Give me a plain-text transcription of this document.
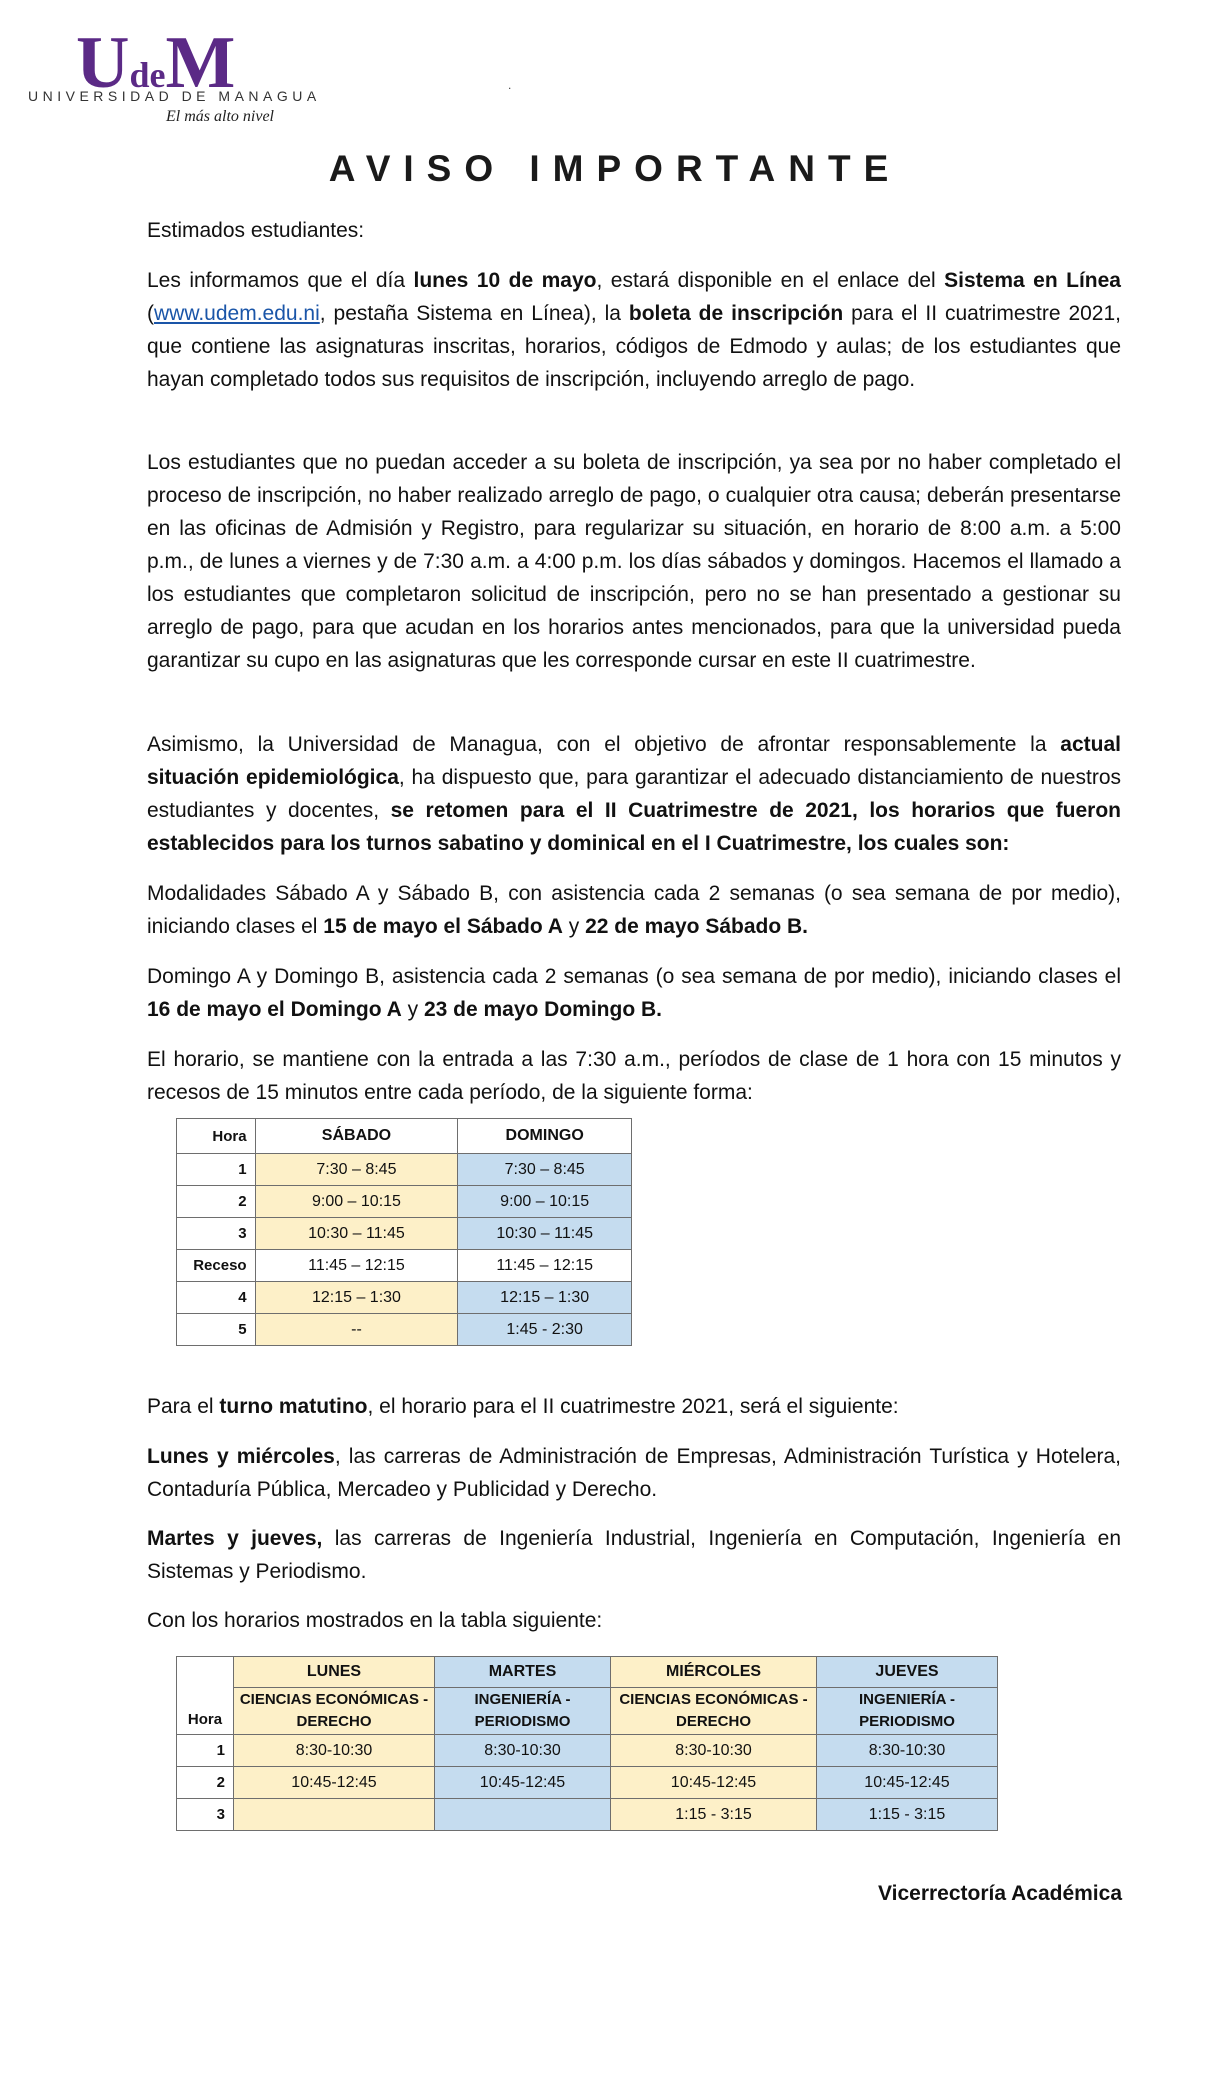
UdeM
UNIVERSIDAD DE MANAGUA
El más alto nivel
.
AVISO IMPORTANTE

Estimados estudiantes:

Les informamos que el día lunes 10 de mayo, estará disponible en el enlace del Sistema en Línea (www.udem.edu.ni, pestaña Sistema en Línea), la boleta de inscripción para el II cuatrimestre 2021, que contiene las asignaturas inscritas, horarios, códigos de Edmodo y aulas; de los estudiantes que hayan completado todos sus requisitos de inscripción, incluyendo arreglo de pago.

Los estudiantes que no puedan acceder a su boleta de inscripción, ya sea por no haber completado el proceso de inscripción, no haber realizado arreglo de pago, o cualquier otra causa; deberán presentarse en las oficinas de Admisión y Registro, para regularizar su situación, en horario de 8:00 a.m. a 5:00 p.m., de lunes a viernes y de 7:30 a.m. a 4:00 p.m. los días sábados y domingos. Hacemos el llamado a los estudiantes que completaron solicitud de inscripción, pero no se han presentado a gestionar su arreglo de pago, para que acudan en los horarios antes mencionados, para que la universidad pueda garantizar su cupo en las asignaturas que les corresponde cursar en este II cuatrimestre.

Asimismo, la Universidad de Managua, con el objetivo de afrontar responsablemente la actual situación epidemiológica, ha dispuesto que, para garantizar el adecuado distanciamiento de nuestros estudiantes y docentes, se retomen para el II Cuatrimestre de 2021, los horarios que fueron establecidos para los turnos sabatino y dominical en el I Cuatrimestre, los cuales son:

Modalidades Sábado A y Sábado B, con asistencia cada 2 semanas (o sea semana de por medio), iniciando clases el 15 de mayo el Sábado A y 22 de mayo Sábado B.

Domingo A y Domingo B, asistencia cada 2 semanas (o sea semana de por medio), iniciando clases el 16 de mayo el Domingo A y 23 de mayo Domingo B.

El horario, se mantiene con la entrada a las 7:30 a.m., períodos de clase de 1 hora con 15 minutos y recesos de 15 minutos entre cada período, de la siguiente forma:

Hora	SÁBADO	DOMINGO
1	7:30 – 8:45	7:30 – 8:45
2	9:00 – 10:15	9:00 – 10:15
3	10:30 – 11:45	10:30 – 11:45
Receso	11:45 – 12:15	11:45 – 12:15
4	12:15 – 1:30	12:15 – 1:30
5	--	1:45 - 2:30

Para el turno matutino, el horario para el II cuatrimestre 2021, será el siguiente:

Lunes y miércoles, las carreras de Administración de Empresas, Administración Turística y Hotelera, Contaduría Pública, Mercadeo y Publicidad y Derecho.

Martes y jueves, las carreras de Ingeniería Industrial, Ingeniería en Computación, Ingeniería en Sistemas y Periodismo.

Con los horarios mostrados en la tabla siguiente:

Hora	LUNES	MARTES	MIÉRCOLES	JUEVES
	CIENCIAS ECONÓMICAS - DERECHO	INGENIERÍA - PERIODISMO	CIENCIAS ECONÓMICAS - DERECHO	INGENIERÍA - PERIODISMO
1	8:30-10:30	8:30-10:30	8:30-10:30	8:30-10:30
2	10:45-12:45	10:45-12:45	10:45-12:45	10:45-12:45
3			1:15 - 3:15	1:15 - 3:15
Vicerrectoría Académica
